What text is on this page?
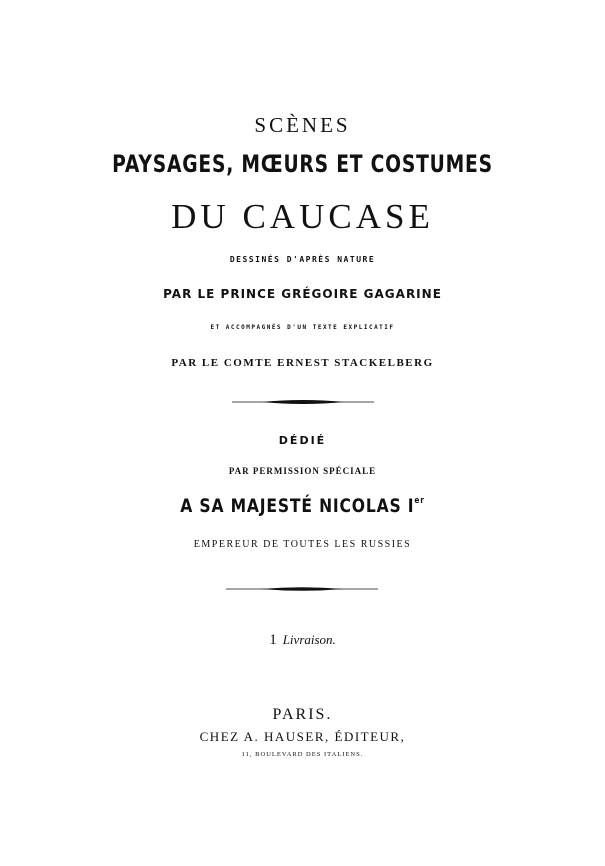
SCÈNES
PAYSAGES, MŒURS ET COSTUMES
DU CAUCASE
DESSINÉS D'APRÈS NATURE
PAR LE PRINCE GRÉGOIRE GAGARINE
ET ACCOMPAGNÉS D'UN TEXTE EXPLICATIF
PAR LE COMTE ERNEST STACKELBERG
DÉDIÉ
PAR PERMISSION SPÉCIALE
A SA MAJESTÉ NICOLAS Ier
EMPEREUR DE TOUTES LES RUSSIES
1 Livraison.
PARIS.
CHEZ A. HAUSER, ÉDITEUR,
11, BOULEVARD DES ITALIENS.
